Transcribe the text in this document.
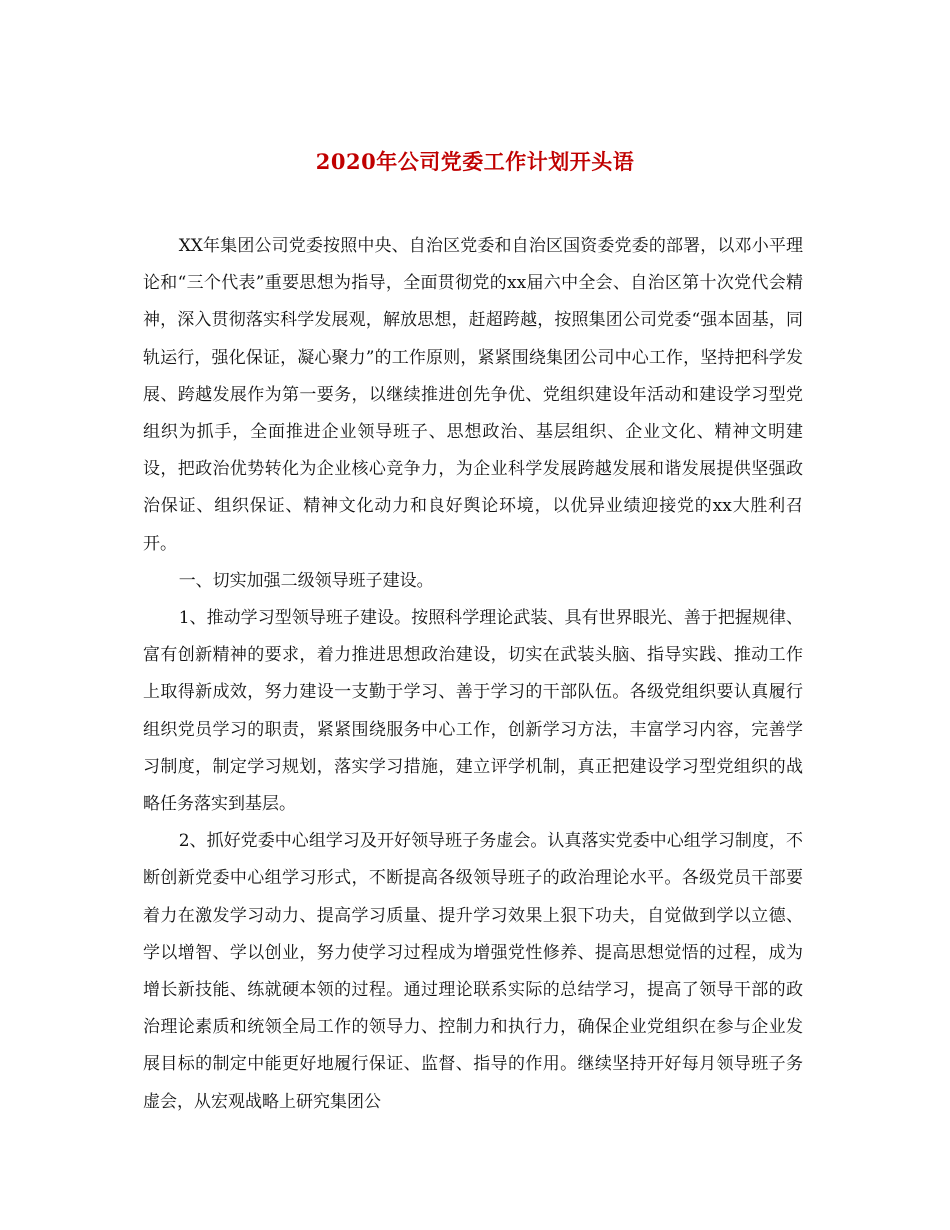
2020年公司党委工作计划开头语

XX年集团公司党委按照中央、自治区党委和自治区国资委党委的部署，以邓小平理论和“三个代表”重要思想为指导，全面贯彻党的xx届六中全会、自治区第十次党代会精神，深入贯彻落实科学发展观，解放思想，赶超跨越，按照集团公司党委“强本固基，同轨运行，强化保证，凝心聚力”的工作原则，紧紧围绕集团公司中心工作，坚持把科学发展、跨越发展作为第一要务，以继续推进创先争优、党组织建设年活动和建设学习型党组织为抓手，全面推进企业领导班子、思想政治、基层组织、企业文化、精神文明建设，把政治优势转化为企业核心竞争力，为企业科学发展跨越发展和谐发展提供坚强政治保证、组织保证、精神文化动力和良好舆论环境，以优异业绩迎接党的xx大胜利召开。

一、切实加强二级领导班子建设。

1、推动学习型领导班子建设。按照科学理论武装、具有世界眼光、善于把握规律、富有创新精神的要求，着力推进思想政治建设，切实在武装头脑、指导实践、推动工作上取得新成效，努力建设一支勤于学习、善于学习的干部队伍。各级党组织要认真履行组织党员学习的职责，紧紧围绕服务中心工作，创新学习方法，丰富学习内容，完善学习制度，制定学习规划，落实学习措施，建立评学机制，真正把建设学习型党组织的战略任务落实到基层。

2、抓好党委中心组学习及开好领导班子务虚会。认真落实党委中心组学习制度，不断创新党委中心组学习形式，不断提高各级领导班子的政治理论水平。各级党员干部要着力在激发学习动力、提高学习质量、提升学习效果上狠下功夫，自觉做到学以立德、学以增智、学以创业，努力使学习过程成为增强党性修养、提高思想觉悟的过程，成为增长新技能、练就硬本领的过程。通过理论联系实际的总结学习，提高了领导干部的政治理论素质和统领全局工作的领导力、控制力和执行力，确保企业党组织在参与企业发展目标的制定中能更好地履行保证、监督、指导的作用。继续坚持开好每月领导班子务虚会，从宏观战略上研究集团公
